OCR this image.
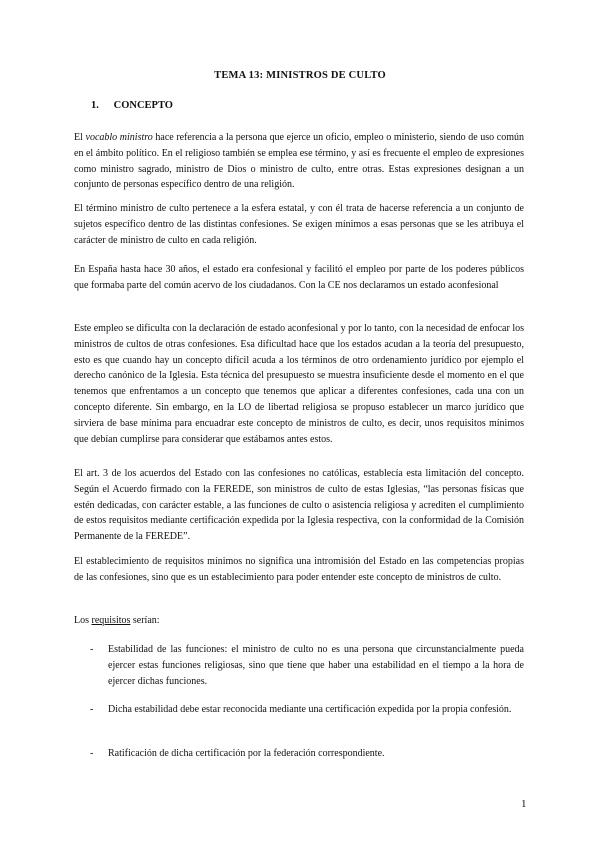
TEMA 13: MINISTROS DE CULTO
1. CONCEPTO

El vocablo ministro hace referencia a la persona que ejerce un oficio, empleo o ministerio, siendo de uso común en el ámbito político. En el religioso también se emplea ese término, y así es frecuente el empleo de expresiones como ministro sagrado, ministro de Dios o ministro de culto, entre otras. Estas expresiones designan a un conjunto de personas específico dentro de una religión.

El término ministro de culto pertenece a la esfera estatal, y con él trata de hacerse referencia a un conjunto de sujetos específico dentro de las distintas confesiones. Se exigen mínimos a esas personas que se les atribuya el carácter de ministro de culto en cada religión.

En España hasta hace 30 años, el estado era confesional y facilitó el empleo por parte de los poderes públicos que formaba parte del común acervo de los ciudadanos. Con la CE nos declaramos un estado aconfesional

Este empleo se dificulta con la declaración de estado aconfesional y por lo tanto, con la necesidad de enfocar los ministros de cultos de otras confesiones. Esa dificultad hace que los estados acudan a la teoría del presupuesto, esto es que cuando hay un concepto difícil acuda a los términos de otro ordenamiento jurídico por ejemplo el derecho canónico de la Iglesia. Esta técnica del presupuesto se muestra insuficiente desde el momento en el que tenemos que enfrentamos a un concepto que tenemos que aplicar a diferentes confesiones, cada una con un concepto diferente. Sin embargo, en la LO de libertad religiosa se propuso establecer un marco jurídico que sirviera de base mínima para encuadrar este concepto de ministros de culto, es decir, unos requisitos mínimos que debían cumplirse para considerar que estábamos antes estos.

El art. 3 de los acuerdos del Estado con las confesiones no católicas, establecía esta limitación del concepto. Según el Acuerdo firmado con la FEREDE, son ministros de culto de estas Iglesias, “las personas físicas que estén dedicadas, con carácter estable, a las funciones de culto o asistencia religiosa y acrediten el cumplimiento de estos requisitos mediante certificación expedida por la Iglesia respectiva, con la conformidad de la Comisión Permanente de la FEREDE”.

El establecimiento de requisitos mínimos no significa una intromisión del Estado en las competencias propias de las confesiones, sino que es un establecimiento para poder entender este concepto de ministros de culto.

Los requisitos serían:

- Estabilidad de las funciones: el ministro de culto no es una persona que circunstancialmente pueda ejercer estas funciones religiosas, sino que tiene que haber una estabilidad en el tiempo a la hora de ejercer dichas funciones.
- Dicha estabilidad debe estar reconocida mediante una certificación expedida por la propia confesión.
- Ratificación de dicha certificación por la federación correspondiente.
1
